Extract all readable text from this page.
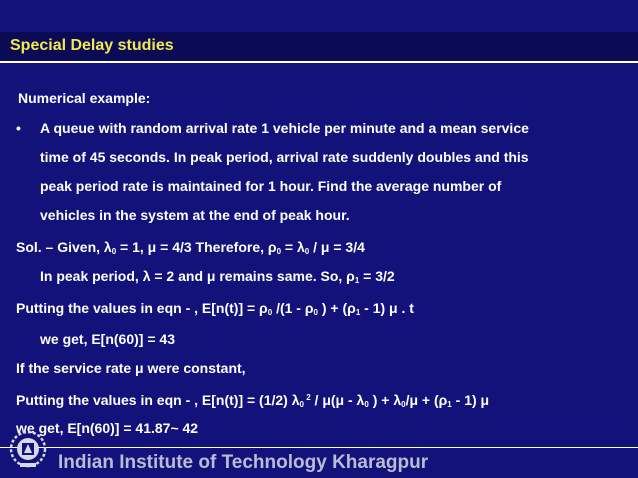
Special Delay studies
Numerical example:
• A queue with random arrival rate 1 vehicle per minute and a mean service
time of 45 seconds. In peak period, arrival rate suddenly doubles and this
peak period rate is maintained for 1 hour. Find the average number of
vehicles in the system at the end of peak hour.
Sol. – Given, $\lambda_0 = 1$, μ = 4/3 Therefore, $\rho_0 = \lambda_0 / \mu = 3/4$
In peak period, λ = 2 and μ remains same. So, $\rho_1 = 3/2$
Putting the values in eqn - , $E[n(t)] = \rho_0$ $/(1 - \rho_0$ ) + $(\rho_1 - 1)$ μ . t
we get, E[n(60)] = 43
If the service rate μ were constant,
Putting the values in eqn - , E[n(t)] = (1/2) $\lambda_0$ $^2 / \mu(\mu - \lambda_0$ ) + $\lambda_0/\mu + (\rho_1 - 1)$ μ
we get, E[n(60)] = 41.87~ 42
Indian Institute of Technology Kharagpur
